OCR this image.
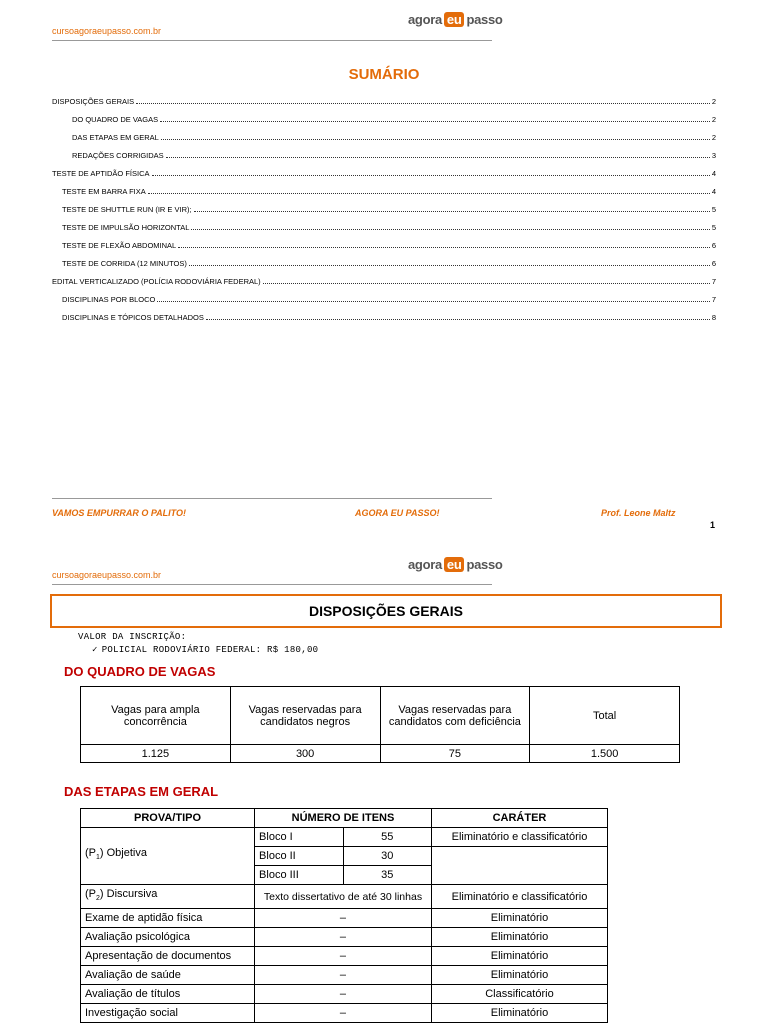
cursoagoraeupasso.com.br
agora eu passo
SUMÁRIO
DISPOSIÇÕES GERAIS	2
DO QUADRO DE VAGAS	2
DAS ETAPAS EM GERAL	2
REDAÇÕES CORRIGIDAS	3
TESTE DE APTIDÃO FÍSICA	4
TESTE EM BARRA FIXA	4
TESTE DE SHUTTLE RUN (IR E VIR);	5
TESTE DE IMPULSÃO HORIZONTAL	5
TESTE DE FLEXÃO ABDOMINAL	6
TESTE DE CORRIDA (12 MINUTOS)	6
EDITAL VERTICALIZADO (POLÍCIA RODOVIÁRIA FEDERAL)	7
DISCIPLINAS POR BLOCO	7
DISCIPLINAS E TÓPICOS DETALHADOS	8
VAMOS EMPURRAR O PALITO!	AGORA EU PASSO!	Prof. Leone Maltz
1
cursoagoraeupasso.com.br
agora eu passo
DISPOSIÇÕES GERAIS
VALOR DA INSCRIÇÃO:
✓ POLICIAL RODOVIÁRIO FEDERAL: R$ 180,00
DO QUADRO DE VAGAS
Vagas para ampla concorrência	Vagas reservadas para candidatos negros	Vagas reservadas para candidatos com deficiência	Total
1.125	300	75	1.500
DAS ETAPAS EM GERAL
PROVA/TIPO	NÚMERO DE ITENS		CARÁTER
$(P_1)$ Objetiva	Bloco I	55	Eliminatório e classificatório
	Bloco II	30	
	Bloco III	35	
$(P_2)$ Discursiva	Texto dissertativo de até 30 linhas		Eliminatório e classificatório
Exame de aptidão física	–		Eliminatório
Avaliação psicológica	–		Eliminatório
Apresentação de documentos	–		Eliminatório
Avaliação de saúde	–		Eliminatório
Avaliação de títulos	–		Classificatório
Investigação social	–		Eliminatório
